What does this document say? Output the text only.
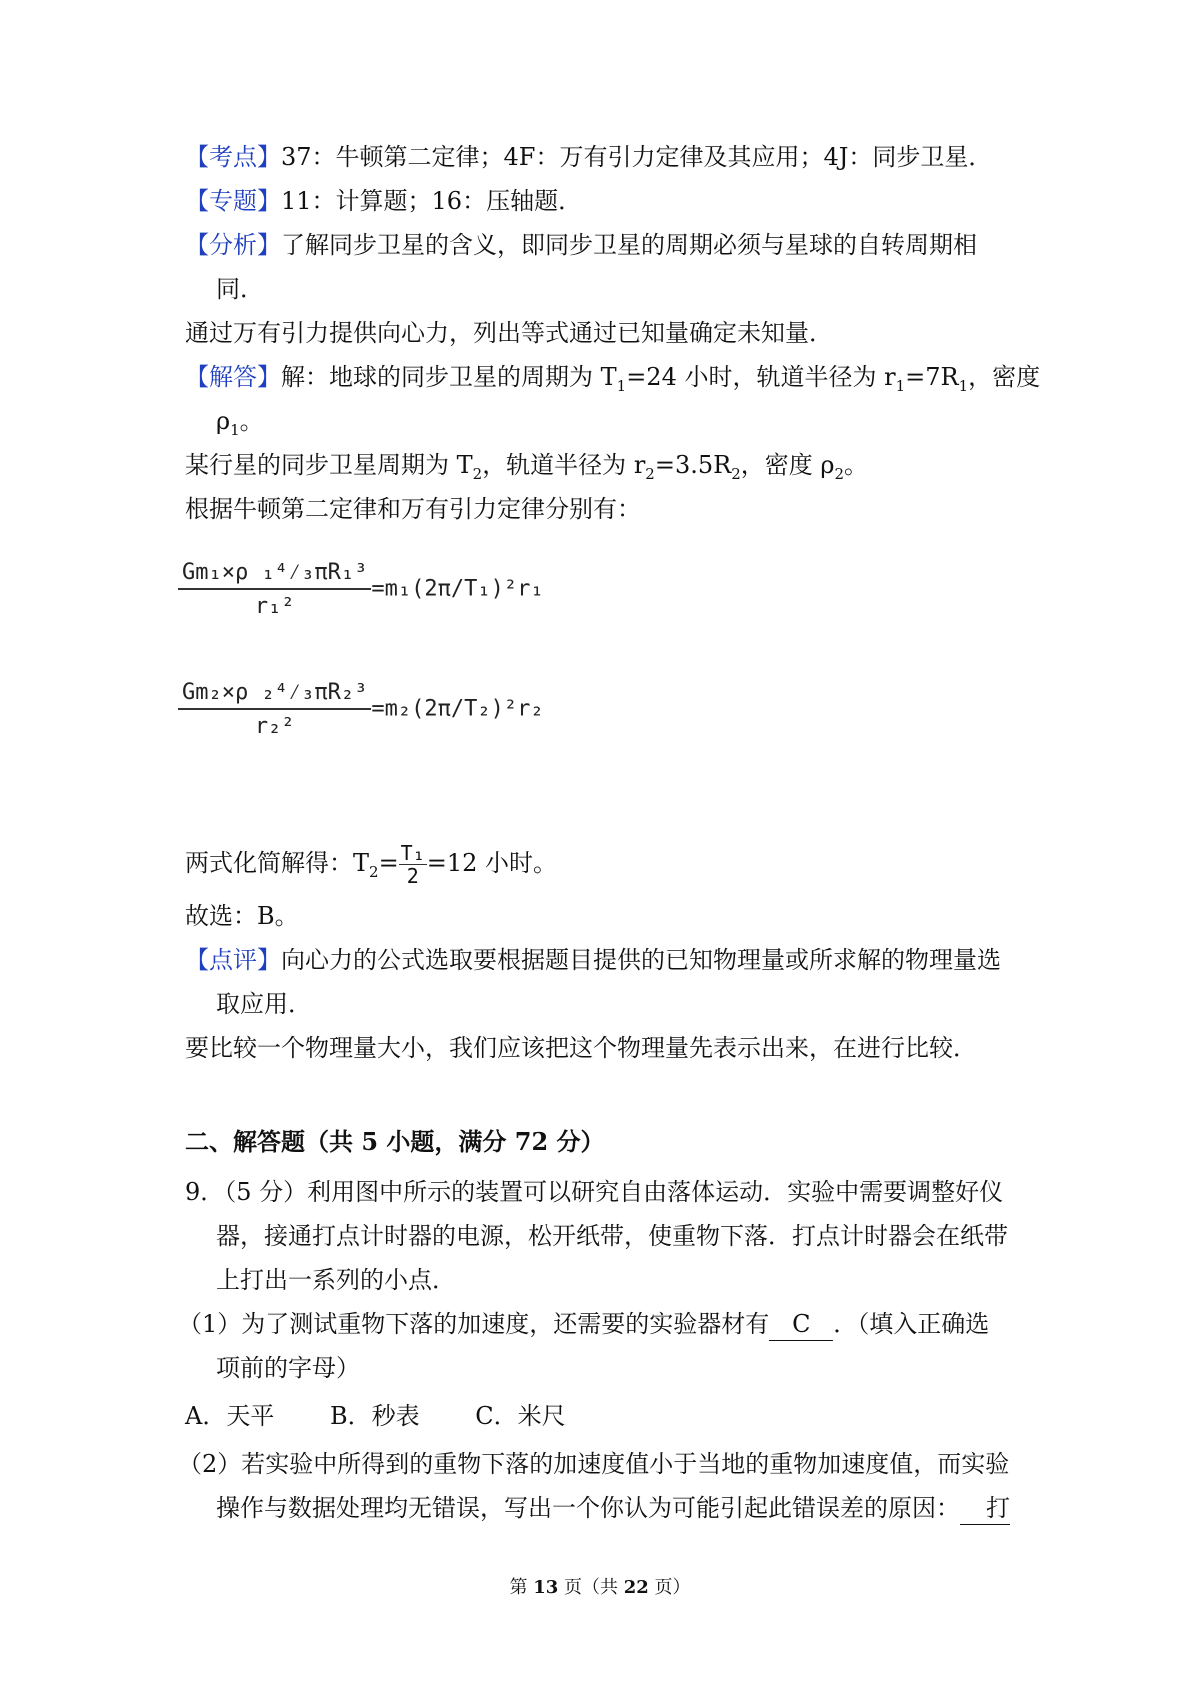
【考点】37：牛顿第二定律；4F：万有引力定律及其应用；4J：同步卫星．
【专题】11：计算题；16：压轴题．
【分析】了解同步卫星的含义，即同步卫星的周期必须与星球的自转周期相
同．
通过万有引力提供向心力，列出等式通过已知量确定未知量．
【解答】解：地球的同步卫星的周期为 $T_1=24$ 小时，轨道半径为 $r_1=7R_1$，密度
$\rho_1$。
某行星的同步卫星周期为 $T_2$，轨道半径为 $r_2=3.5R_2$，密度 $\rho_2$。
根据牛顿第二定律和万有引力定律分别有：
$\frac{\text{Gm₁×ρ ₁⁴⁄₃πR₁³}}{\text{r₁²}} =m_1(2\pi/T_1)^2r_1$
$\frac{\text{Gm₂×ρ ₂⁴⁄₃πR₂³}}{\text{r₂²}} =m_2(2\pi/T_2)^2r_2$
两式化简解得：$T_2= \frac{\text{T₁}}{2} =12$ 小时。
故选：B。
【点评】向心力的公式选取要根据题目提供的已知物理量或所求解的物理量选
取应用．
要比较一个物理量大小，我们应该把这个物理量先表示出来，在进行比较．
二、解答题（共 5 小题，满分 72 分）
9．（5 分）利用图中所示的装置可以研究自由落体运动．实验中需要调整好仪
器，接通打点计时器的电源，松开纸带，使重物下落．打点计时器会在纸带
上打出一系列的小点．
（1）为了测试重物下落的加速度，还需要的实验器材有 C ．（填入正确选
项前的字母）
A．天平　　 B．秒表　　 C．米尺
（2）若实验中所得到的重物下落的加速度值小于当地的重物加速度值，而实验
操作与数据处理均无错误，写出一个你认为可能引起此错误差的原因： 打
第 13 页（共 22 页）
